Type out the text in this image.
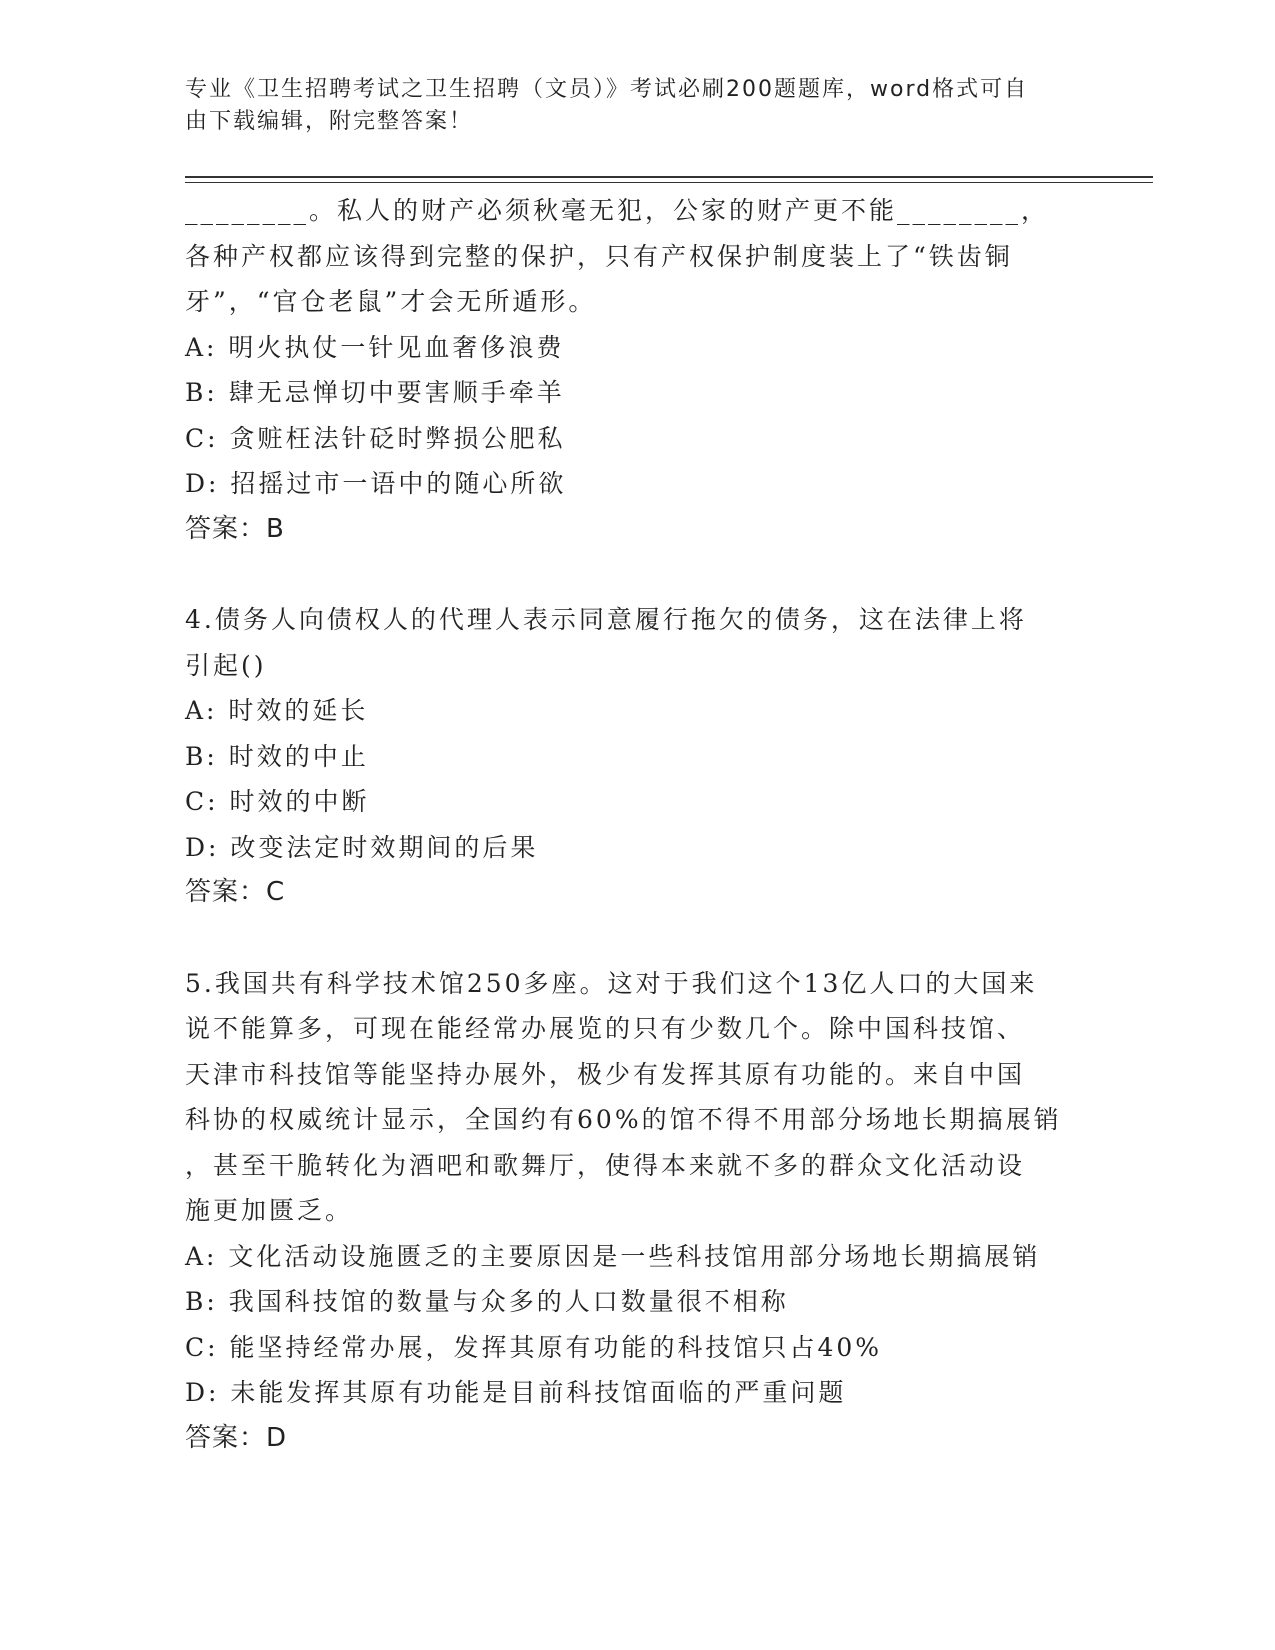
专业《卫生招聘考试之卫生招聘（文员）》考试必刷200题题库，word格式可自
由下载编辑，附完整答案！
________。私人的财产必须秋毫无犯，公家的财产更不能________，
各种产权都应该得到完整的保护，只有产权保护制度装上了“铁齿铜
牙”，“官仓老鼠”才会无所遁形。
A: 明火执仗一针见血奢侈浪费
B: 肆无忌惮切中要害顺手牵羊
C: 贪赃枉法针砭时弊损公肥私
D: 招摇过市一语中的随心所欲
答案：B
4.债务人向债权人的代理人表示同意履行拖欠的债务，这在法律上将
引起()
A: 时效的延长
B: 时效的中止
C: 时效的中断
D: 改变法定时效期间的后果
答案：C
5.我国共有科学技术馆250多座。这对于我们这个13亿人口的大国来
说不能算多，可现在能经常办展览的只有少数几个。除中国科技馆、
天津市科技馆等能坚持办展外，极少有发挥其原有功能的。来自中国
科协的权威统计显示，全国约有60%的馆不得不用部分场地长期搞展销
，甚至干脆转化为酒吧和歌舞厅，使得本来就不多的群众文化活动设
施更加匮乏。
A: 文化活动设施匮乏的主要原因是一些科技馆用部分场地长期搞展销
B: 我国科技馆的数量与众多的人口数量很不相称
C: 能坚持经常办展，发挥其原有功能的科技馆只占40%
D: 未能发挥其原有功能是目前科技馆面临的严重问题
答案：D
